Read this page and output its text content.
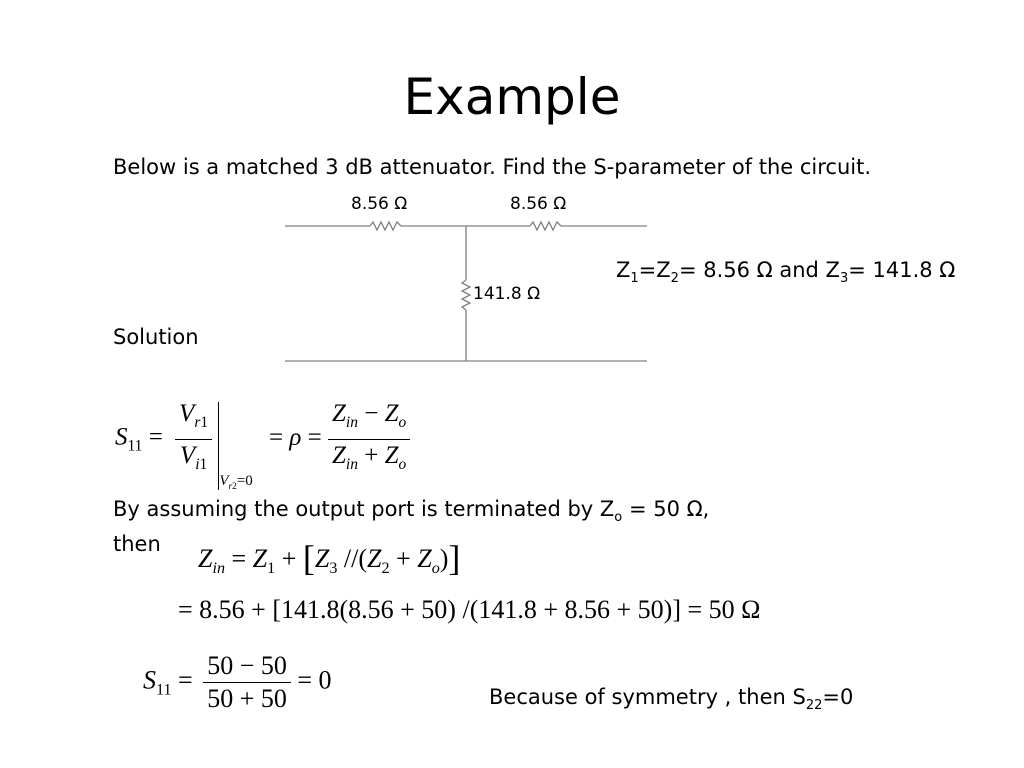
Example
Below is a matched 3 dB attenuator. Find the S-parameter of the circuit.
8.56 Ω	8.56 Ω
141.8 Ω
$Z_1=Z_2= 8.56$ Ω and $Z_3= 141.8$ Ω
Solution
$S_{11} = \frac{V_{r1}}{V_{i1}}$
$_{V_{r2}=0} = \rho = \frac{Z_{in} - Z_o}{Z_{in} + Z_o}$
By assuming the output port is terminated by $Z_o = 50$ Ω,
then $Z_{in} = Z_1 + [Z_3$ $//(Z_2 + Z_o)$]
= 8.56 + [141.8(8.56 + 50) /(141.8 + 8.56 + 50)] = 50 Ω
$S_{11} = \frac{50 - 50}{50 + 50} = 0$
Because of symmetry , then $S_{22}=0$
